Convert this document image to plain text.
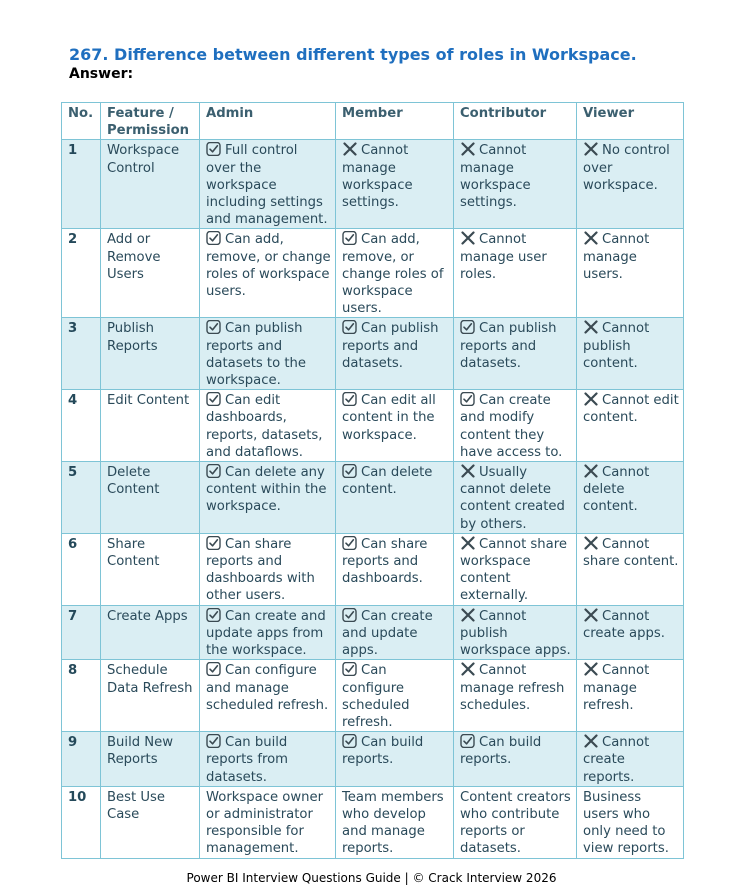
267. Difference between different types of roles in Workspace.
Answer:
No.	Feature / Permission	Admin	Member	Contributor	Viewer
1	Workspace Control	Full control over the workspace including settings and management.	Cannot manage workspace settings.	Cannot manage workspace settings.	No control over workspace.
2	Add or Remove Users	Can add, remove, or change roles of workspace users.	Can add, remove, or change roles of workspace users.	Cannot manage user roles.	Cannot manage users.
3	Publish Reports	Can publish reports and datasets to the workspace.	Can publish reports and datasets.	Can publish reports and datasets.	Cannot publish content.
4	Edit Content	Can edit dashboards, reports, datasets, and dataflows.	Can edit all content in the workspace.	Can create and modify content they have access to.	Cannot edit content.
5	Delete Content	Can delete any content within the workspace.	Can delete content.	Usually cannot delete content created by others.	Cannot delete content.
6	Share Content	Can share reports and dashboards with other users.	Can share reports and dashboards.	Cannot share workspace content externally.	Cannot share content.
7	Create Apps	Can create and update apps from the workspace.	Can create and update apps.	Cannot publish workspace apps.	Cannot create apps.
8	Schedule Data Refresh	Can configure and manage scheduled refresh.	Can configure scheduled refresh.	Cannot manage refresh schedules.	Cannot manage refresh.
9	Build New Reports	Can build reports from datasets.	Can build reports.	Can build reports.	Cannot create reports.
10	Best Use Case	Workspace owner or administrator responsible for management.	Team members who develop and manage reports.	Content creators who contribute reports or datasets.	Business users who only need to view reports.
Power BI Interview Questions Guide | © Crack Interview 2026
